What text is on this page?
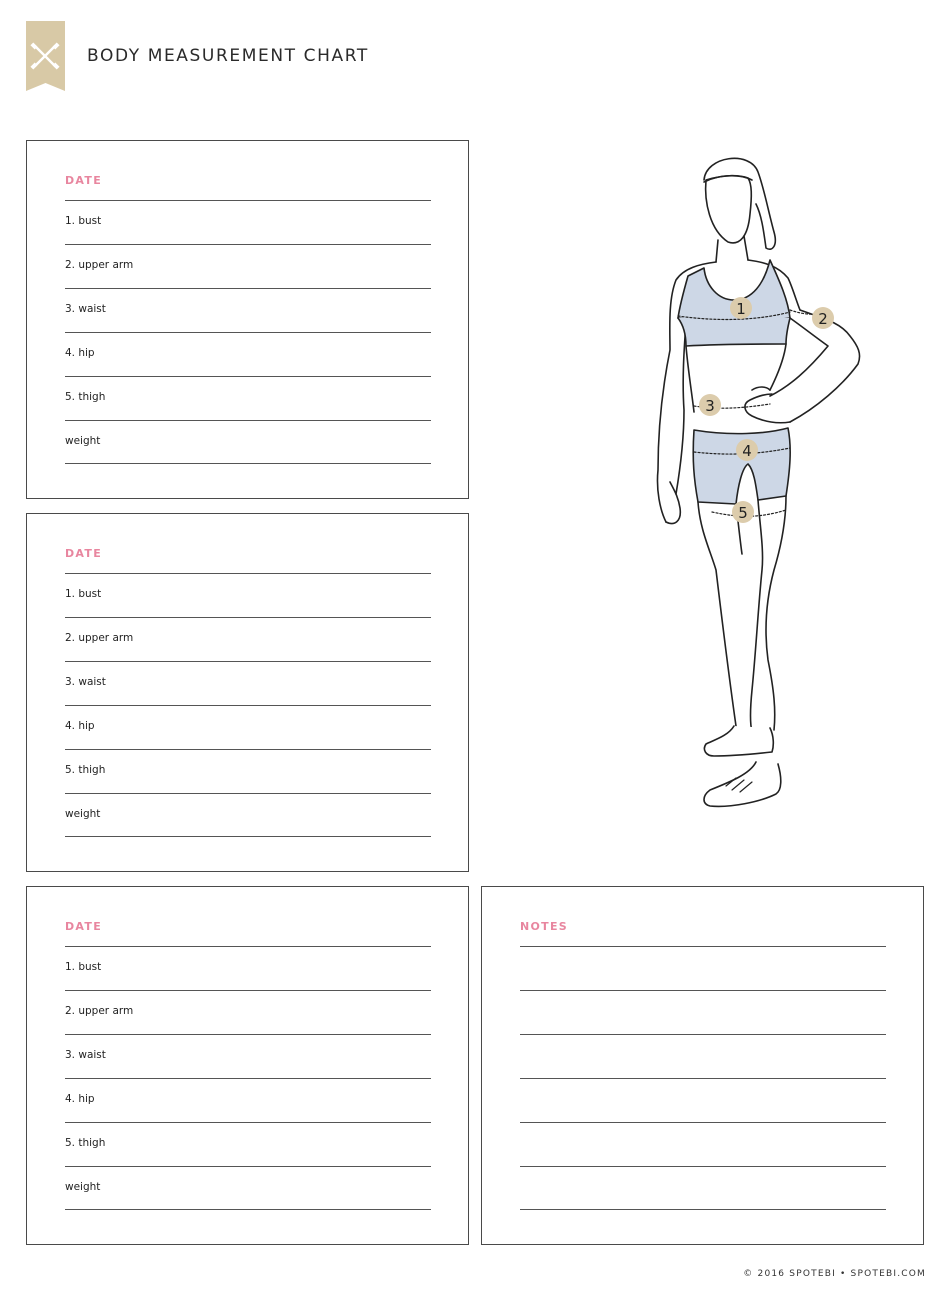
BODY MEASUREMENT CHART
DATE
1. bust
2. upper arm
3. waist
4. hip
5. thigh
weight
DATE
1. bust
2. upper arm
3. waist
4. hip
5. thigh
weight
DATE
1. bust
2. upper arm
3. waist
4. hip
5. thigh
weight
NOTES
1
2
3
4
5
© 2016 SPOTEBI • SPOTEBI.COM
